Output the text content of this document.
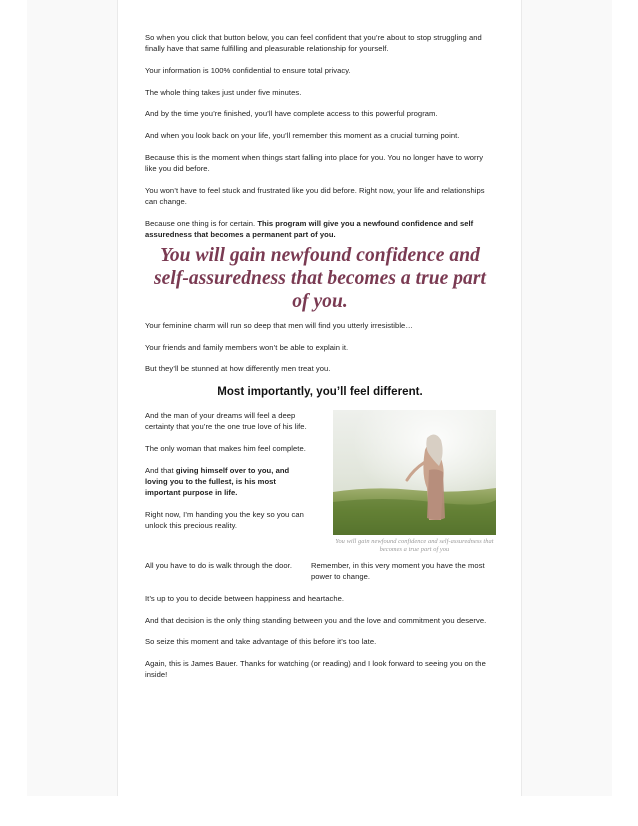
So when you click that button below, you can feel confident that you’re about to stop struggling and finally have that same fulfilling and pleasurable relationship for yourself.

Your information is 100% confidential to ensure total privacy.

The whole thing takes just under five minutes.

And by the time you’re finished, you’ll have complete access to this powerful program.

And when you look back on your life, you’ll remember this moment as a crucial turning point.

Because this is the moment when things start falling into place for you. You no longer have to worry like you did before.

You won’t have to feel stuck and frustrated like you did before. Right now, your life and relationships can change.

Because one thing is for certain. This program will give you a newfound confidence and self assuredness that becomes a permanent part of you.

You will gain newfound confidence and self-assuredness that becomes a true part of you.

Your feminine charm will run so deep that men will find you utterly irresistible…

Your friends and family members won’t be able to explain it.

But they’ll be stunned at how differently men treat you.

Most importantly, you’ll feel different.

And the man of your dreams will feel a deep certainty that you’re the one true love of his life.

The only woman that makes him feel complete.

And that giving himself over to you, and loving you to the fullest, is his most important purpose in life.

Right now, I’m handing you the key so you can unlock this precious reality.

You will gain newfound confidence and self-assuredness that becomes a true part of you
All you have to do is walk through the door.	Remember, in this very moment you have the most power to change.

It’s up to you to decide between happiness and heartache.

And that decision is the only thing standing between you and the love and commitment you deserve.

So seize this moment and take advantage of this before it’s too late.

Again, this is James Bauer. Thanks for watching (or reading) and I look forward to seeing you on the inside!
